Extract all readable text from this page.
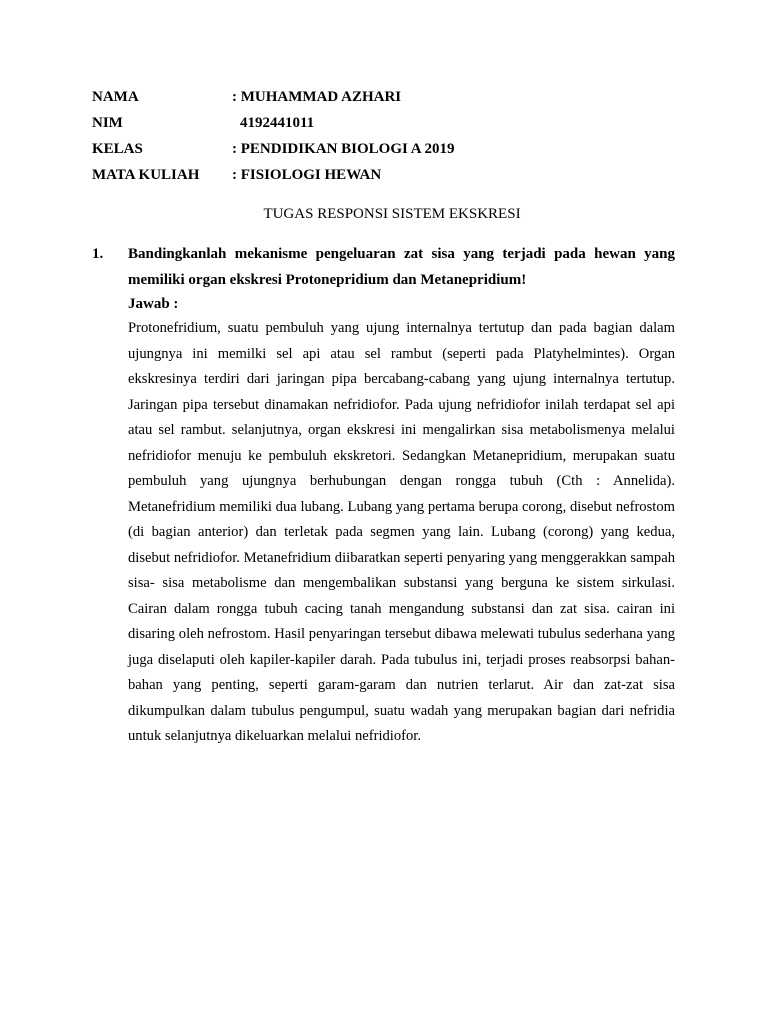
NAMA	: MUHAMMAD AZHARI
NIM	4192441011
KELAS	: PENDIDIKAN BIOLOGI A 2019
MATA KULIAH : FISIOLOGI HEWAN
TUGAS RESPONSI SISTEM EKSKRESI
1. Bandingkanlah mekanisme pengeluaran zat sisa yang terjadi pada hewan yang memiliki organ ekskresi Protonepridium dan Metanepridium!
Jawab :
Protonefridium, suatu pembuluh yang ujung internalnya tertutup dan pada bagian dalam ujungnya ini memilki sel api atau sel rambut (seperti pada Platyhelmintes). Organ ekskresinya terdiri dari jaringan pipa bercabang-cabang yang ujung internalnya tertutup. Jaringan pipa tersebut dinamakan nefridiofor. Pada ujung nefridiofor inilah terdapat sel api atau sel rambut. selanjutnya, organ ekskresi ini mengalirkan sisa metabolismenya melalui nefridiofor menuju ke pembuluh ekskretori. Sedangkan Metanepridium, merupakan suatu pembuluh yang ujungnya berhubungan dengan rongga tubuh (Cth : Annelida). Metanefridium memiliki dua lubang. Lubang yang pertama berupa corong, disebut nefrostom (di bagian anterior) dan terletak pada segmen yang lain. Lubang (corong) yang kedua, disebut nefridiofor. Metanefridium diibaratkan seperti penyaring yang menggerakkan sampah sisa- sisa metabolisme dan mengembalikan substansi yang berguna ke sistem sirkulasi. Cairan dalam rongga tubuh cacing tanah mengandung substansi dan zat sisa. cairan ini disaring oleh nefrostom. Hasil penyaringan tersebut dibawa melewati tubulus sederhana yang juga diselaputi oleh kapiler-kapiler darah. Pada tubulus ini, terjadi proses reabsorpsi bahan-bahan yang penting, seperti garam-garam dan nutrien terlarut. Air dan zat-zat sisa dikumpulkan dalam tubulus pengumpul, suatu wadah yang merupakan bagian dari nefridia untuk selanjutnya dikeluarkan melalui nefridiofor.
